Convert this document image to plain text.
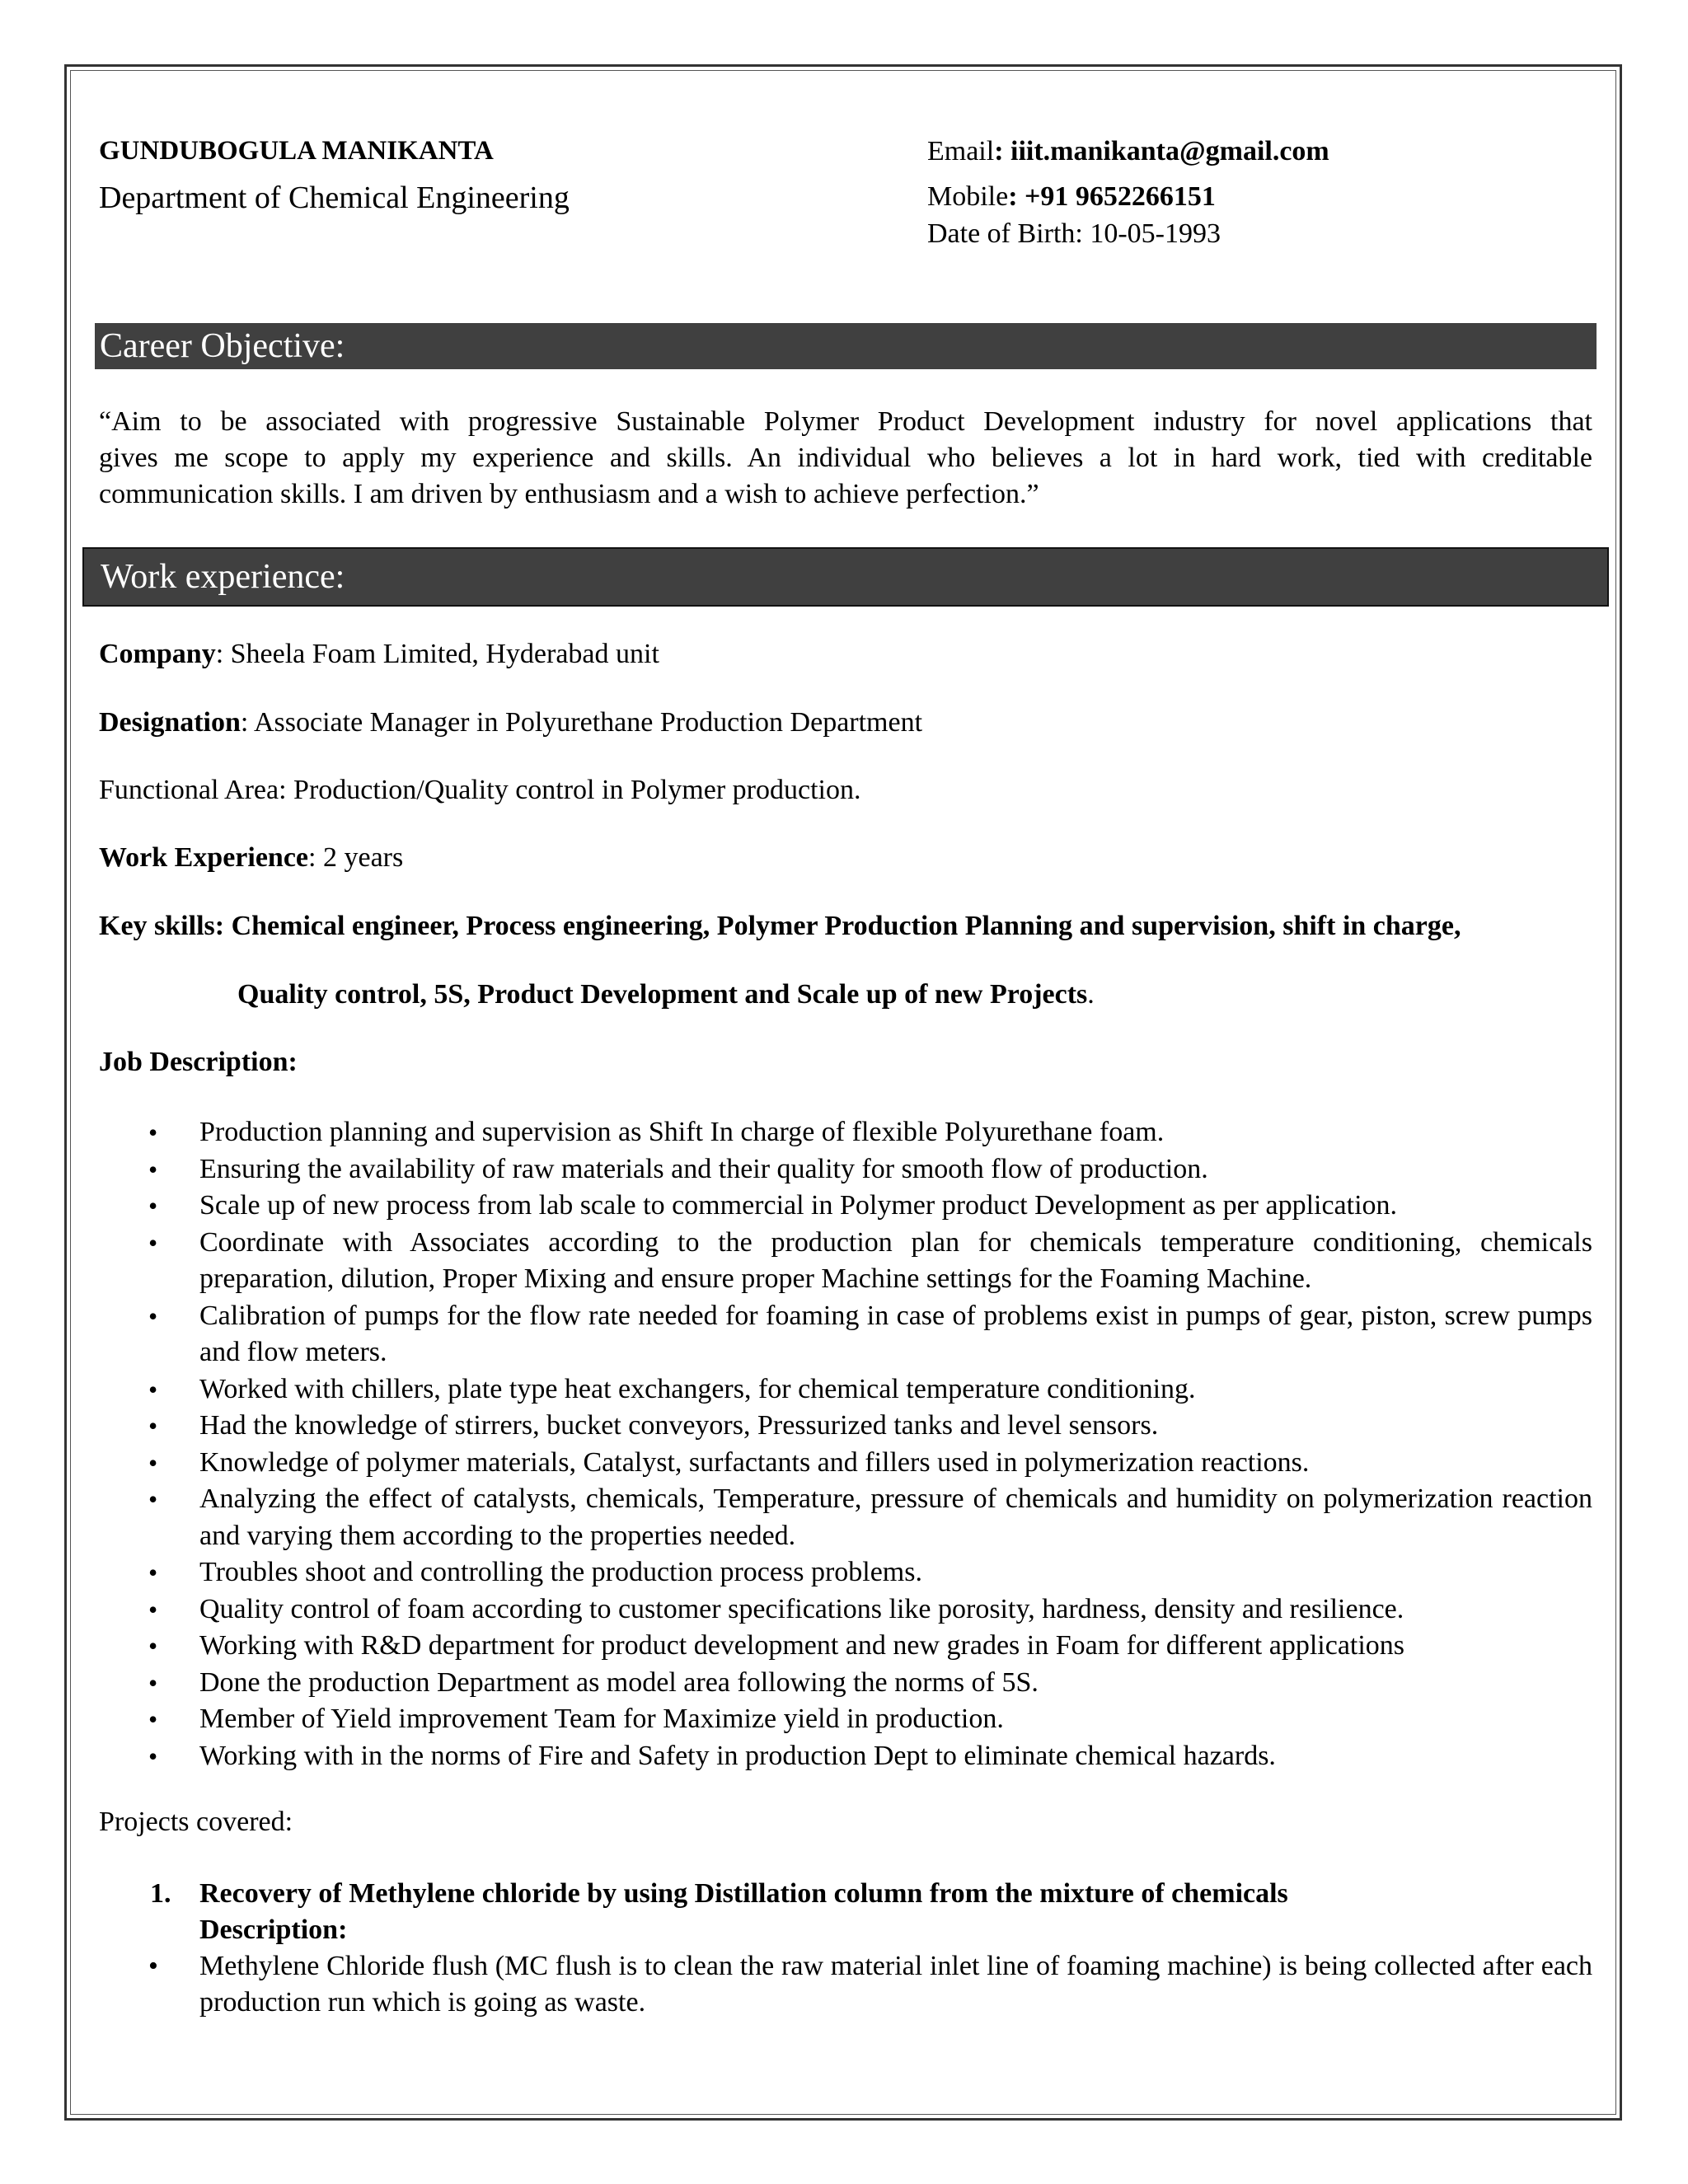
GUNDUBOGULA MANIKANTA
Department of Chemical Engineering
Email: iiit.manikanta@gmail.com
Mobile: +91 9652266151
Date of Birth: 10-05-1993
Career Objective:
“Aim to be associated with progressive Sustainable Polymer Product Development industry for novel applications that
gives me scope to apply my experience and skills. An individual who believes a lot in hard work, tied with creditable
communication skills. I am driven by enthusiasm and a wish to achieve perfection.”
Work experience:
Company: Sheela Foam Limited, Hyderabad unit
Designation: Associate Manager in Polyurethane Production Department
Functional Area: Production/Quality control in Polymer production.
Work Experience: 2 years
Key skills: Chemical engineer, Process engineering, Polymer Production Planning and supervision, shift in charge,
Quality control, 5S, Product Development and Scale up of new Projects.
Job Description:
• Production planning and supervision as Shift In charge of flexible Polyurethane foam.
• Ensuring the availability of raw materials and their quality for smooth flow of production.
• Scale up of new process from lab scale to commercial in Polymer product Development as per application.
• Coordinate with Associates according to the production plan for chemicals temperature conditioning, chemicals preparation, dilution, Proper Mixing and ensure proper Machine settings for the Foaming Machine.
• Calibration of pumps for the flow rate needed for foaming in case of problems exist in pumps of gear, piston, screw pumps and flow meters.
• Worked with chillers, plate type heat exchangers, for chemical temperature conditioning.
• Had the knowledge of stirrers, bucket conveyors, Pressurized tanks and level sensors.
• Knowledge of polymer materials, Catalyst, surfactants and fillers used in polymerization reactions.
• Analyzing the effect of catalysts, chemicals, Temperature, pressure of chemicals and humidity on polymerization reaction and varying them according to the properties needed.
• Troubles shoot and controlling the production process problems.
• Quality control of foam according to customer specifications like porosity, hardness, density and resilience.
• Working with R&D department for product development and new grades in Foam for different applications
• Done the production Department as model area following the norms of 5S.
• Member of Yield improvement Team for Maximize yield in production.
• Working with in the norms of Fire and Safety in production Dept to eliminate chemical hazards.
Projects covered:
1.	Recovery of Methylene chloride by using Distillation column from the mixture of chemicals
Description:
• Methylene Chloride flush (MC flush is to clean the raw material inlet line of foaming machine) is being collected after each production run which is going as waste.
